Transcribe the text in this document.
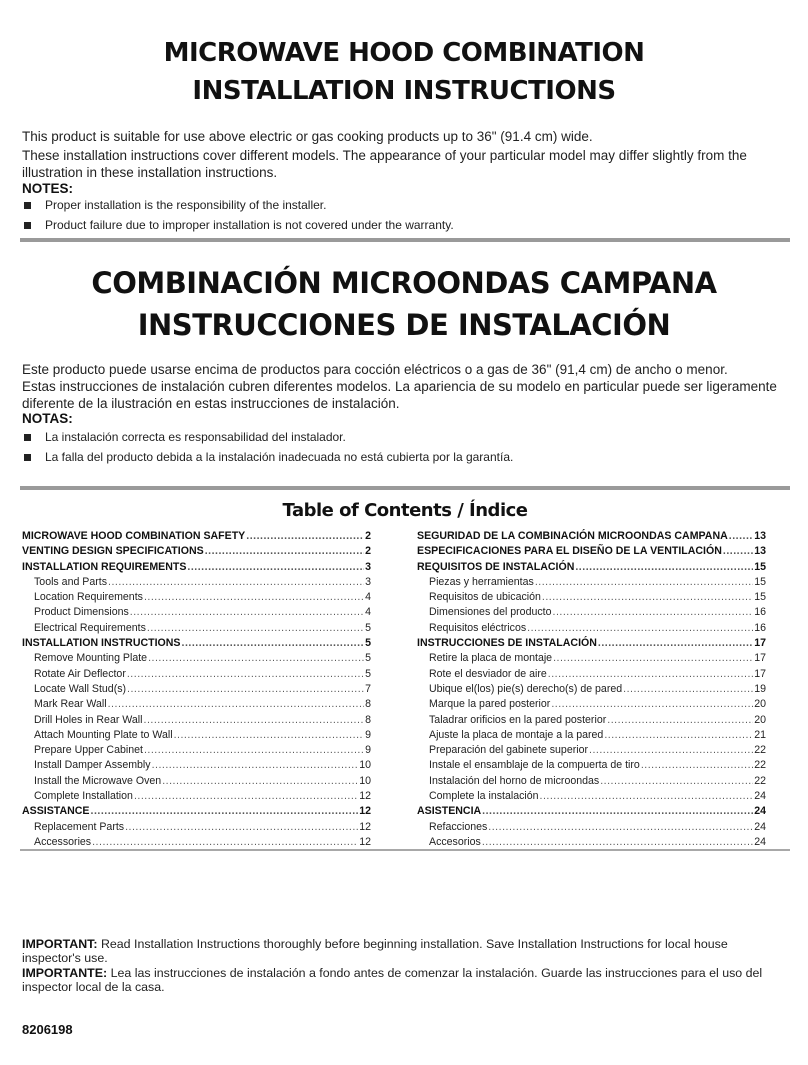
MICROWAVE HOOD COMBINATION
INSTALLATION INSTRUCTIONS

This product is suitable for use above electric or gas cooking products up to 36" (91.4 cm) wide.

These installation instructions cover different models. The appearance of your particular model may differ slightly from the illustration in these installation instructions.

NOTES:
Proper installation is the responsibility of the installer.
Product failure due to improper installation is not covered under the warranty.
COMBINACIÓN MICROONDAS CAMPANA
INSTRUCCIONES DE INSTALACIÓN

Este producto puede usarse encima de productos para cocción eléctricos o a gas de 36" (91,4 cm) de ancho o menor.

Estas instrucciones de instalación cubren diferentes modelos. La apariencia de su modelo en particular puede ser ligeramente diferente de la ilustración en estas instrucciones de instalación.

NOTAS:
La instalación correcta es responsabilidad del instalador.
La falla del producto debida a la instalación inadecuada no está cubierta por la garantía.
Table of Contents / Índice
MICROWAVE HOOD COMBINATION SAFETY .....	2
VENTING DESIGN SPECIFICATIONS .....	2
INSTALLATION REQUIREMENTS .....	3
Tools and Parts .....	3
Location Requirements .....	4
Product Dimensions .....	4
Electrical Requirements .....	5
INSTALLATION INSTRUCTIONS .....	5
Remove Mounting Plate .....	5
Rotate Air Deflector .....	5
Locate Wall Stud(s) .....	7
Mark Rear Wall .....	8
Drill Holes in Rear Wall .....	8
Attach Mounting Plate to Wall .....	9
Prepare Upper Cabinet .....	9
Install Damper Assembly .....	10
Install the Microwave Oven .....	10
Complete Installation .....	12
ASSISTANCE .....	12
Replacement Parts .....	12
Accessories .....	12
SEGURIDAD DE LA COMBINACIÓN MICROONDAS CAMPANA ..... 13
ESPECIFICACIONES PARA EL DISEÑO DE LA VENTILACIÓN .....	13
REQUISITOS DE INSTALACIÓN .....	15
Piezas y herramientas .....	15
Requisitos de ubicación .....	15
Dimensiones del producto .....	16
Requisitos eléctricos .....	16
INSTRUCCIONES DE INSTALACIÓN .....	17
Retire la placa de montaje .....	17
Rote el desviador de aire .....	17
Ubique el(los) pie(s) derecho(s) de pared .....	19
Marque la pared posterior .....	20
Taladrar orificios en la pared posterior .....	20
Ajuste la placa de montaje a la pared .....	21
Preparación del gabinete superior .....	22
Instale el ensamblaje de la compuerta de tiro .....	22
Instalación del horno de microondas .....	22
Complete la instalación .....	24
ASISTENCIA .....	24
Refacciones .....	24
Accesorios .....	24

IMPORTANT: Read Installation Instructions thoroughly before beginning installation. Save Installation Instructions for local house inspector's use.

IMPORTANTE: Lea las instrucciones de instalación a fondo antes de comenzar la instalación. Guarde las instrucciones para el uso del inspector local de la casa.

8206198
